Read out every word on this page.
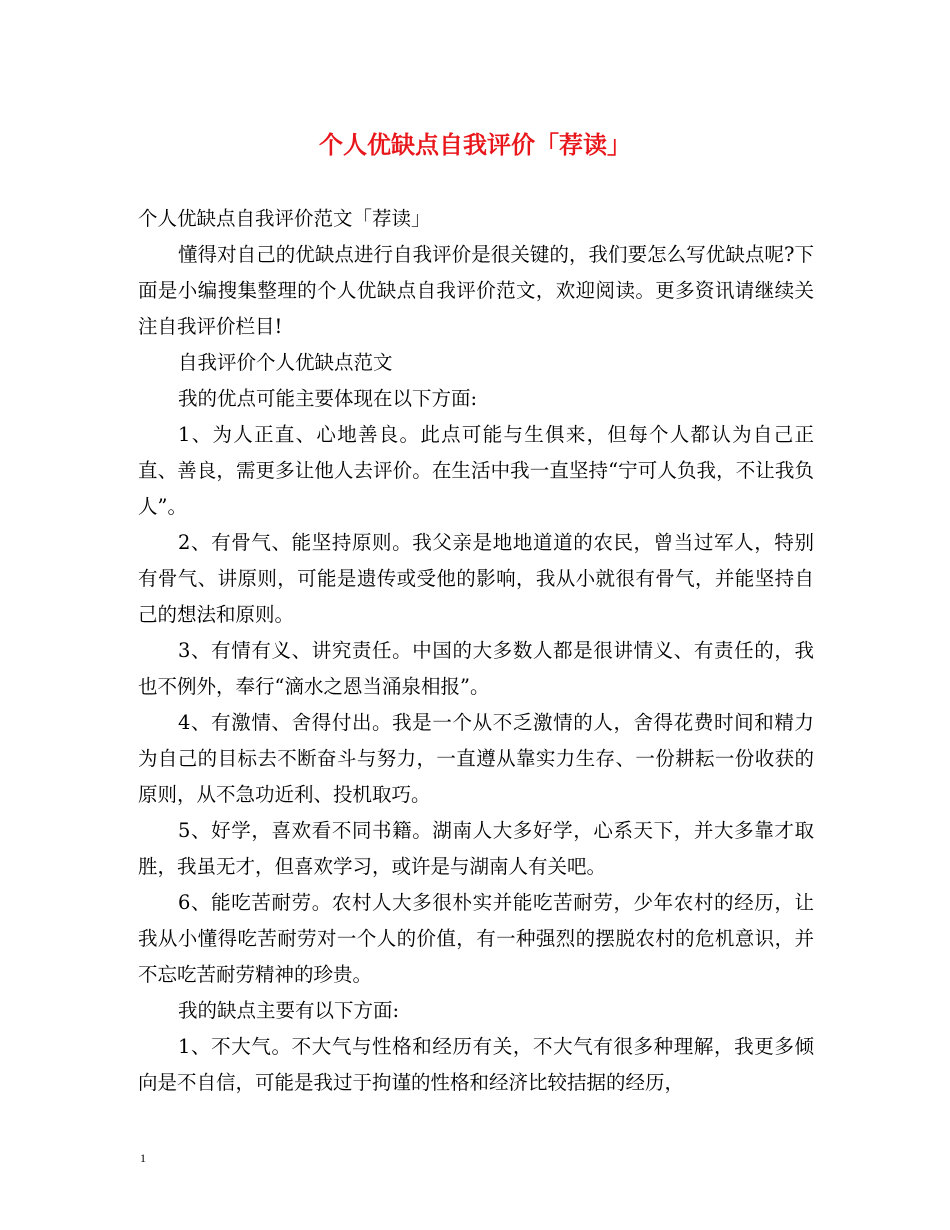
个人优缺点自我评价「荐读」

个人优缺点自我评价范文「荐读」

懂得对自己的优缺点进行自我评价是很关键的，我们要怎么写优缺点呢?下面是小编搜集整理的个人优缺点自我评价范文，欢迎阅读。更多资讯请继续关注自我评价栏目!

自我评价个人优缺点范文

我的优点可能主要体现在以下方面:

1、为人正直、心地善良。此点可能与生俱来，但每个人都认为自己正直、善良，需更多让他人去评价。在生活中我一直坚持“宁可人负我，不让我负人”。

2、有骨气、能坚持原则。我父亲是地地道道的农民，曾当过军人，特别有骨气、讲原则，可能是遗传或受他的影响，我从小就很有骨气，并能坚持自己的想法和原则。

3、有情有义、讲究责任。中国的大多数人都是很讲情义、有责任的，我也不例外，奉行“滴水之恩当涌泉相报”。

4、有激情、舍得付出。我是一个从不乏激情的人，舍得花费时间和精力为自己的目标去不断奋斗与努力，一直遵从靠实力生存、一份耕耘一份收获的原则，从不急功近利、投机取巧。

5、好学，喜欢看不同书籍。湖南人大多好学，心系天下，并大多靠才取胜，我虽无才，但喜欢学习，或许是与湖南人有关吧。

6、能吃苦耐劳。农村人大多很朴实并能吃苦耐劳，少年农村的经历，让我从小懂得吃苦耐劳对一个人的价值，有一种强烈的摆脱农村的危机意识，并不忘吃苦耐劳精神的珍贵。

我的缺点主要有以下方面:

1、不大气。不大气与性格和经历有关，不大气有很多种理解，我更多倾向是不自信，可能是我过于拘谨的性格和经济比较拮据的经历，

1
